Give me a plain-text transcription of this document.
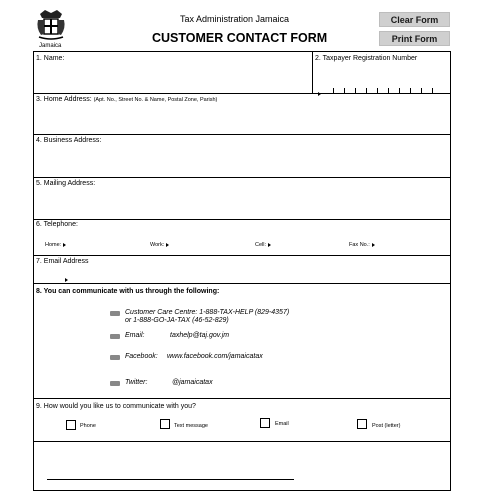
Jamaica
Tax Administration Jamaica
CUSTOMER CONTACT FORM
Clear Form
Print Form
1. Name:	2. Taxpayer Registration Number
3. Home Address: (Apt. No., Street No. & Name, Postal Zone, Parish)
4. Business Address:
5. Mailing Address:
6. Telephone:
Home:	Work:	Cell:	Fax No.:
7. Email Address
8. You can communicate with us through the following:
Customer Care Centre: 1-888-TAX-HELP (829-4357)
or 1-888-GO-JA-TAX (46-52-829)
Email:	taxhelp@taj.gov.jm
Facebook: www.facebook.com/jamaicatax
Twitter:	@jamaicatax
9. How would you like us to communicate with you?
Phone	Text message	Email	Post (letter)
